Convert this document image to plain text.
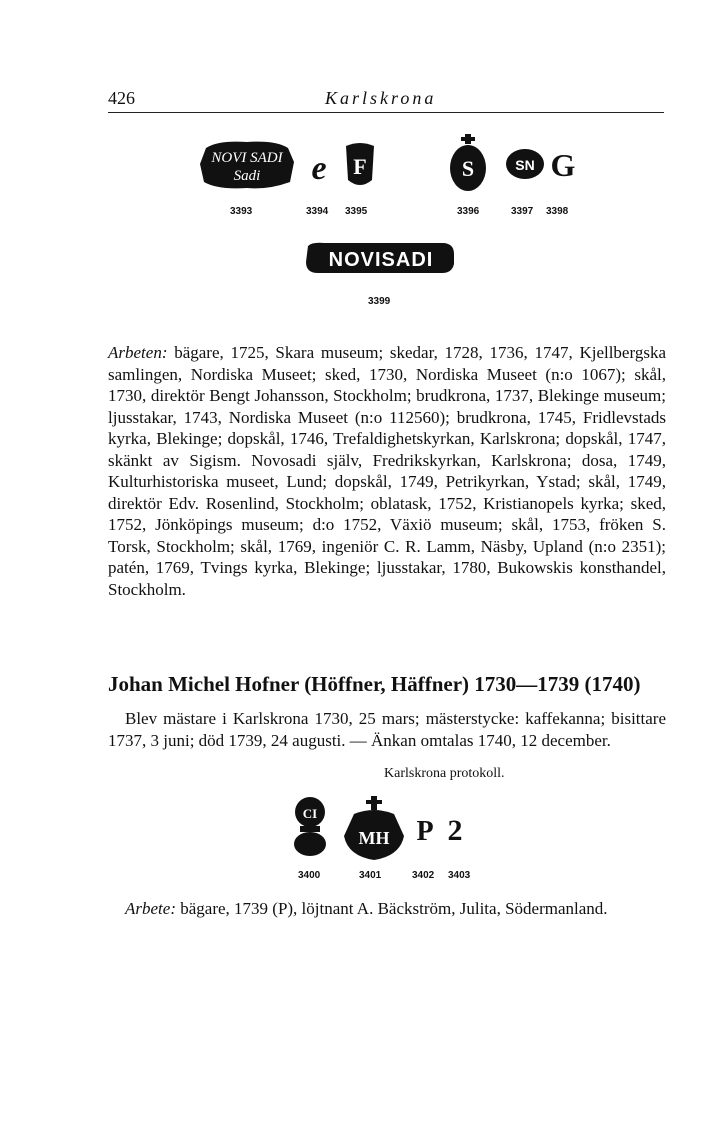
426	Karlskrona
NOVI SADI
Sadi e F	S	SN G
3393	3394 3395	3396	3397 3398
NOVISADI
3399
Arbeten: bägare, 1725, Skara museum; skedar, 1728, 1736, 1747, Kjellbergska samlingen, Nordiska Museet; sked, 1730, Nordiska Museet (n:o 1067); skål, 1730, direktör Bengt Johansson, Stockholm; brudkrona, 1737, Blekinge museum; ljusstakar, 1743, Nordiska Museet (n:o 112560); brudkrona, 1745, Fridlevstads kyrka, Blekinge; dopskål, 1746, Trefaldighetskyrkan, Karlskrona; dopskål, 1747, skänkt av Sigism. Novosadi själv, Fredrikskyrkan, Karlskrona; dosa, 1749, Kulturhistoriska museet, Lund; dopskål, 1749, Petrikyrkan, Ystad; skål, 1749, direktör Edv. Rosenlind, Stockholm; oblatask, 1752, Kristianopels kyrka; sked, 1752, Jönköpings museum; d:o 1752, Växiö museum; skål, 1753, fröken S. Torsk, Stockholm; skål, 1769, ingeniör C. R. Lamm, Näsby, Upland (n:o 2351); patén, 1769, Tvings kyrka, Blekinge; ljusstakar, 1780, Bukowskis konsthandel, Stockholm.
Johan Michel Hofner (Höffner, Häffner) 1730—1739 (1740)
Blev mästare i Karlskrona 1730, 25 mars; mästerstycke: kaffekanna; bisittare 1737, 3 juni; död 1739, 24 augusti. — Änkan omtalas 1740, 12 december.
Karlskrona protokoll.
CI
MH P 2
3400	3401	3402 3403
Arbete: bägare, 1739 (P), löjtnant A. Bäckström, Julita, Södermanland.
